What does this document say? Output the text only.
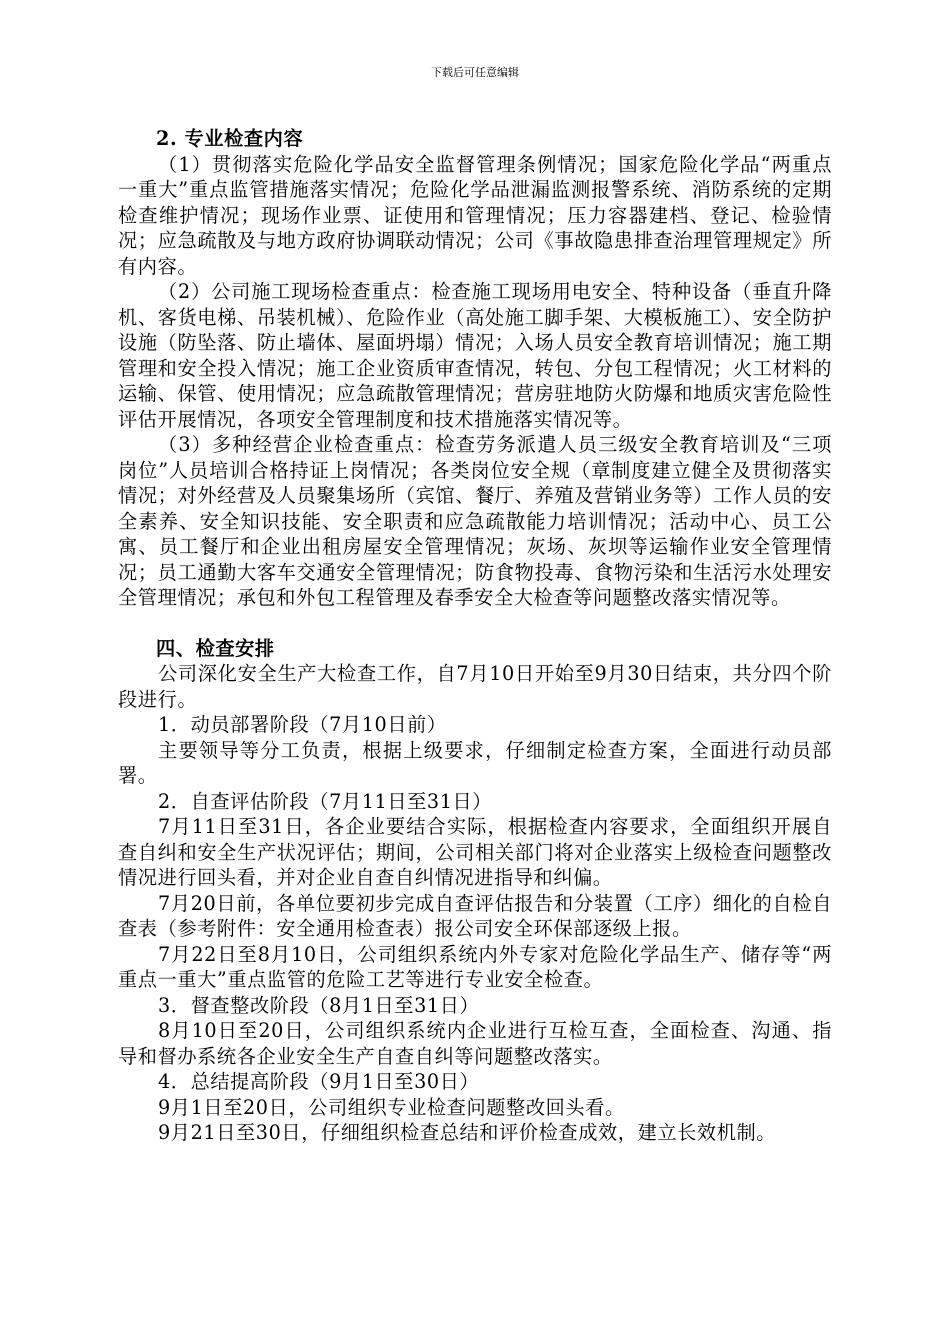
下载后可任意编辑

2. 专业检查内容

（1）贯彻落实危险化学品安全监督管理条例情况；国家危险化学品“两重点一重大”重点监管措施落实情况；危险化学品泄漏监测报警系统、消防系统的定期检查维护情况；现场作业票、证使用和管理情况；压力容器建档、登记、检验情况；应急疏散及与地方政府协调联动情况；公司《事故隐患排查治理管理规定》所有内容。

（2）公司施工现场检查重点：检查施工现场用电安全、特种设备（垂直升降机、客货电梯、吊装机械）、危险作业（高处施工脚手架、大模板施工）、安全防护设施（防坠落、防止墙体、屋面坍塌）情况；入场人员安全教育培训情况；施工期管理和安全投入情况；施工企业资质审查情况，转包、分包工程情况；火工材料的运输、保管、使用情况；应急疏散管理情况；营房驻地防火防爆和地质灾害危险性评估开展情况，各项安全管理制度和技术措施落实情况等。

（3）多种经营企业检查重点：检查劳务派遣人员三级安全教育培训及“三项岗位”人员培训合格持证上岗情况；各类岗位安全规（章制度建立健全及贯彻落实情况；对外经营及人员聚集场所（宾馆、餐厅、养殖及营销业务等）工作人员的安全素养、安全知识技能、安全职责和应急疏散能力培训情况；活动中心、员工公寓、员工餐厅和企业出租房屋安全管理情况；灰场、灰坝等运输作业安全管理情况；员工通勤大客车交通安全管理情况；防食物投毒、食物污染和生活污水处理安全管理情况；承包和外包工程管理及春季安全大检查等问题整改落实情况等。

四、检查安排

公司深化安全生产大检查工作，自7月10日开始至9月30日结束，共分四个阶段进行。

1．动员部署阶段（7月10日前）

主要领导等分工负责，根据上级要求，仔细制定检查方案，全面进行动员部署。

2．自查评估阶段（7月11日至31日）

7月11日至31日，各企业要结合实际，根据检查内容要求，全面组织开展自查自纠和安全生产状况评估；期间，公司相关部门将对企业落实上级检查问题整改情况进行回头看，并对企业自查自纠情况进指导和纠偏。

7月20日前，各单位要初步完成自查评估报告和分装置（工序）细化的自检自查表（参考附件：安全通用检查表）报公司安全环保部逐级上报。

7月22日至8月10日，公司组织系统内外专家对危险化学品生产、储存等“两重点一重大”重点监管的危险工艺等进行专业安全检查。

3．督查整改阶段（8月1日至31日）

8月10日至20日，公司组织系统内企业进行互检互查，全面检查、沟通、指导和督办系统各企业安全生产自查自纠等问题整改落实。

4．总结提高阶段（9月1日至30日）

9月1日至20日，公司组织专业检查问题整改回头看。

9月21日至30日，仔细组织检查总结和评价检查成效，建立长效机制。
